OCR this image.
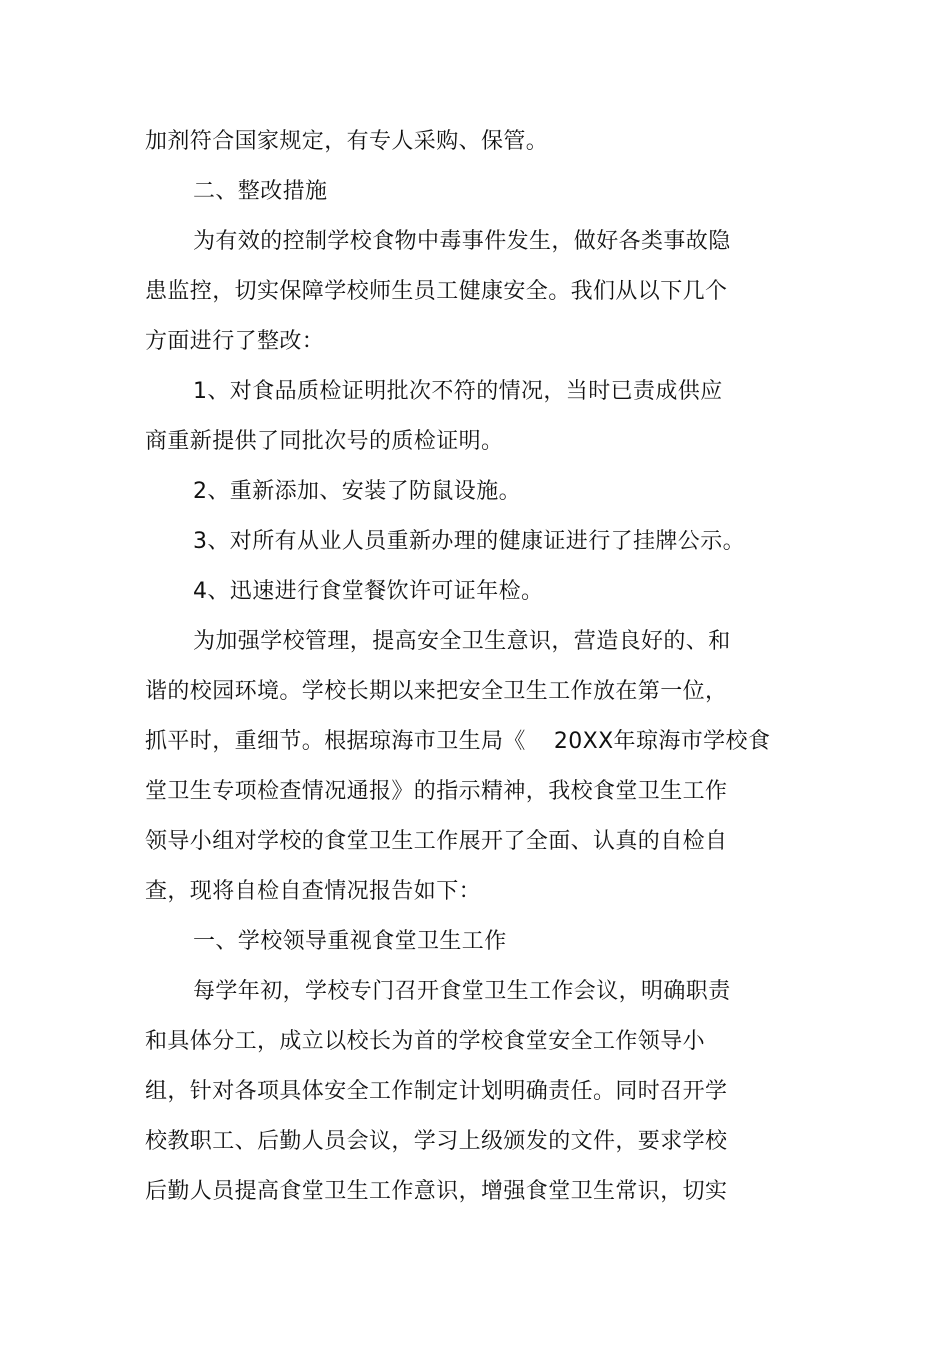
加剂符合国家规定，有专人采购、保管。
二、整改措施
为有效的控制学校食物中毒事件发生，做好各类事故隐
患监控，切实保障学校师生员工健康安全。我们从以下几个
方面进行了整改：
1、对食品质检证明批次不符的情况，当时已责成供应
商重新提供了同批次号的质检证明。
2、重新添加、安装了防鼠设施。
3、对所有从业人员重新办理的健康证进行了挂牌公示。
4、迅速进行食堂餐饮许可证年检。
为加强学校管理，提高安全卫生意识，营造良好的、和
谐的校园环境。学校长期以来把安全卫生工作放在第一位，
抓平时，重细节。根据琼海市卫生局《 20XX年琼海市学校食
堂卫生专项检查情况通报》的指示精神，我校食堂卫生工作
领导小组对学校的食堂卫生工作展开了全面、认真的自检自
查，现将自检自查情况报告如下：
一、学校领导重视食堂卫生工作
每学年初，学校专门召开食堂卫生工作会议，明确职责
和具体分工，成立以校长为首的学校食堂安全工作领导小
组，针对各项具体安全工作制定计划明确责任。同时召开学
校教职工、后勤人员会议，学习上级颁发的文件，要求学校
后勤人员提高食堂卫生工作意识，增强食堂卫生常识，切实
